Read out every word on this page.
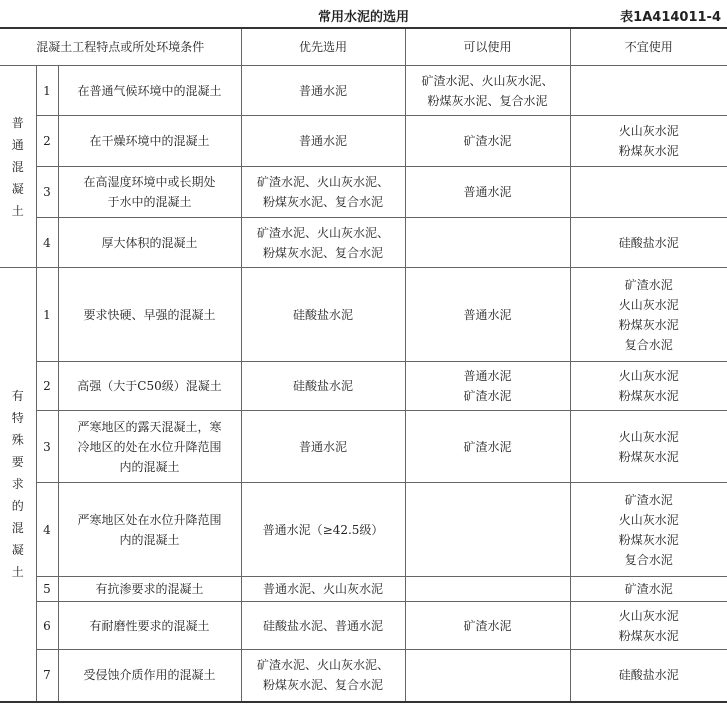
常用水泥的选用	表1A414011-4
混凝土工程特点或所处环境条件			优先选用	可以使用	不宜使用

普通混凝土	1	在普通气候环境中的混凝土	普通水泥	矿渣水泥、火山灰水泥、
粉煤灰水泥、复合水泥	

	2	在干燥环境中的混凝土	普通水泥	矿渣水泥	火山灰水泥
粉煤灰水泥

	3	在高湿度环境中或长期处
于水中的混凝土	矿渣水泥、火山灰水泥、
粉煤灰水泥、复合水泥	普通水泥	

	4	厚大体积的混凝土	矿渣水泥、火山灰水泥、
粉煤灰水泥、复合水泥		硅酸盐水泥

有特殊要求的混凝土	1	要求快硬、早强的混凝土	硅酸盐水泥	普通水泥	矿渣水泥
火山灰水泥
粉煤灰水泥
复合水泥

	2	高强（大于C50级）混凝土	硅酸盐水泥	普通水泥
矿渣水泥	火山灰水泥
粉煤灰水泥

	3	严寒地区的露天混凝土，寒
冷地区的处在水位升降范围
内的混凝土	普通水泥	矿渣水泥	火山灰水泥
粉煤灰水泥

	4	严寒地区处在水位升降范围
内的混凝土	普通水泥（≥42.5级）		矿渣水泥
火山灰水泥
粉煤灰水泥
复合水泥

	5	有抗渗要求的混凝土	普通水泥、火山灰水泥		矿渣水泥

	6	有耐磨性要求的混凝土	硅酸盐水泥、普通水泥	矿渣水泥	火山灰水泥
粉煤灰水泥

	7	受侵蚀介质作用的混凝土	矿渣水泥、火山灰水泥、
粉煤灰水泥、复合水泥		硅酸盐水泥
